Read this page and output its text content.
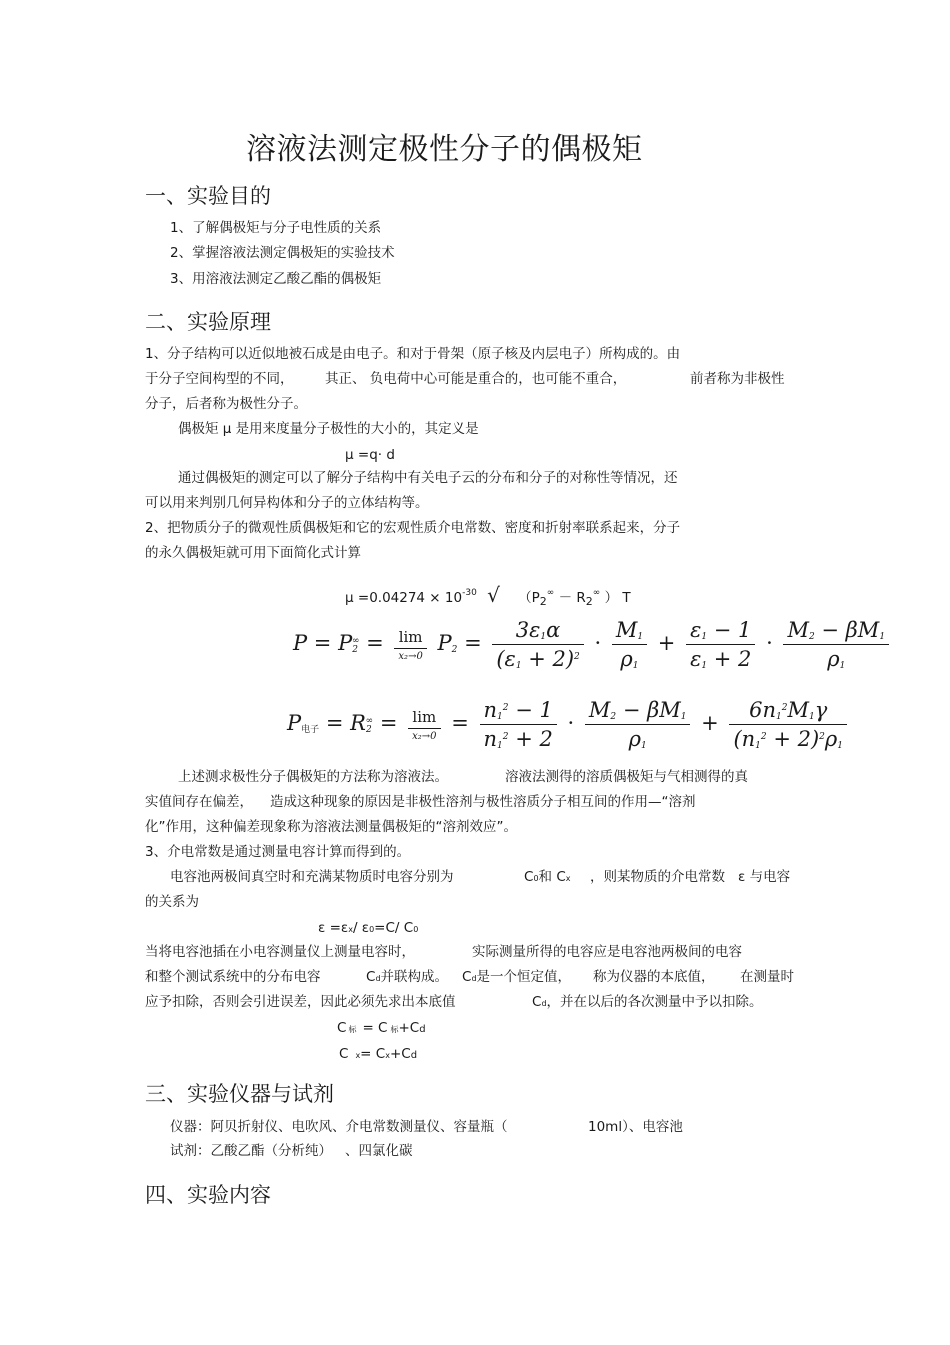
溶液法测定极性分子的偶极矩
一、实验目的
1、了解偶极矩与分子电性质的关系
2、掌握溶液法测定偶极矩的实验技术
3、用溶液法测定乙酸乙酯的偶极矩
二、实验原理
1、分子结构可以近似地被石成是由电子。和对于骨架（原子核及内层电子）所构成的。由
于分子空间构型的不同， 其正、 负电荷中心可能是重合的，也可能不重合，	前者称为非极性
分子，后者称为极性分子。
偶极矩 μ 是用来度量分子极性的大小的，其定义是
μ =q· d
通过偶极矩的测定可以了解分子结构中有关电子云的分布和分子的对称性等情况，还
可以用来判别几何异构体和分子的立体结构等。
2、把物质分子的微观性质偶极矩和它的宏观性质介电常数、密度和折射率联系起来，分子
的永久偶极矩就可用下面简化式计算
$\mu =0.04274 \times 10^{-30}$ √ （$P_2^\infty - R_2^\infty$ ） T
$P = P_2^\infty = \frac{\lim}{\text{x₂→0}} P_2 = \frac{3\varepsilon_1\alpha}{(\varepsilon_1 + 2)^2} \cdot \frac{M_1}{\rho_1} + \frac{\varepsilon_1 - 1}{\varepsilon_1 + 2} \cdot \frac{M_2 - \beta M_1}{\rho_1}$
$P_{电子} = R_2^\infty = \frac{\lim}{\text{x₂→0}} = \frac{n_1^2 - 1}{n_1^2 + 2} \cdot \frac{M_2 - \beta M_1}{\rho_1} + \frac{6n_1^2M_1\gamma}{(n_1^2 + 2)^2\rho_1}$
上述测求极性分子偶极矩的方法称为溶液法。	溶液法测得的溶质偶极矩与气相测得的真
实值间存在偏差， 造成这种现象的原因是非极性溶剂与极性溶质分子相互间的作用—“溶剂
化”作用，这种偏差现象称为溶液法测量偶极矩的“溶剂效应”。
3、介电常数是通过测量电容计算而得到的。
电容池两极间真空时和充满某物质时电容分别为	C0和 Cx ，则某物质的介电常数 ε 与电容
的关系为
ε =εx/ ε0=C/ C0
当将电容池插在小电容测量仪上测量电容时，	实际测量所得的电容应是电容池两极间的电容
和整个测试系统中的分布电容	Cd并联构成。 Cd是一个恒定值， 称为仪器的本底值， 在测量时
应予扣除，否则会引进误差，因此必须先求出本底值	Cd，并在以后的各次测量中予以扣除。
C标 = C 标+Cd
Cx= Cx+Cd
三、实验仪器与试剂
仪器：阿贝折射仪、电吹风、介电常数测量仪、容量瓶（	10ml）、电容池
试剂：乙酸乙酯（分析纯） 、四氯化碳
四、实验内容
